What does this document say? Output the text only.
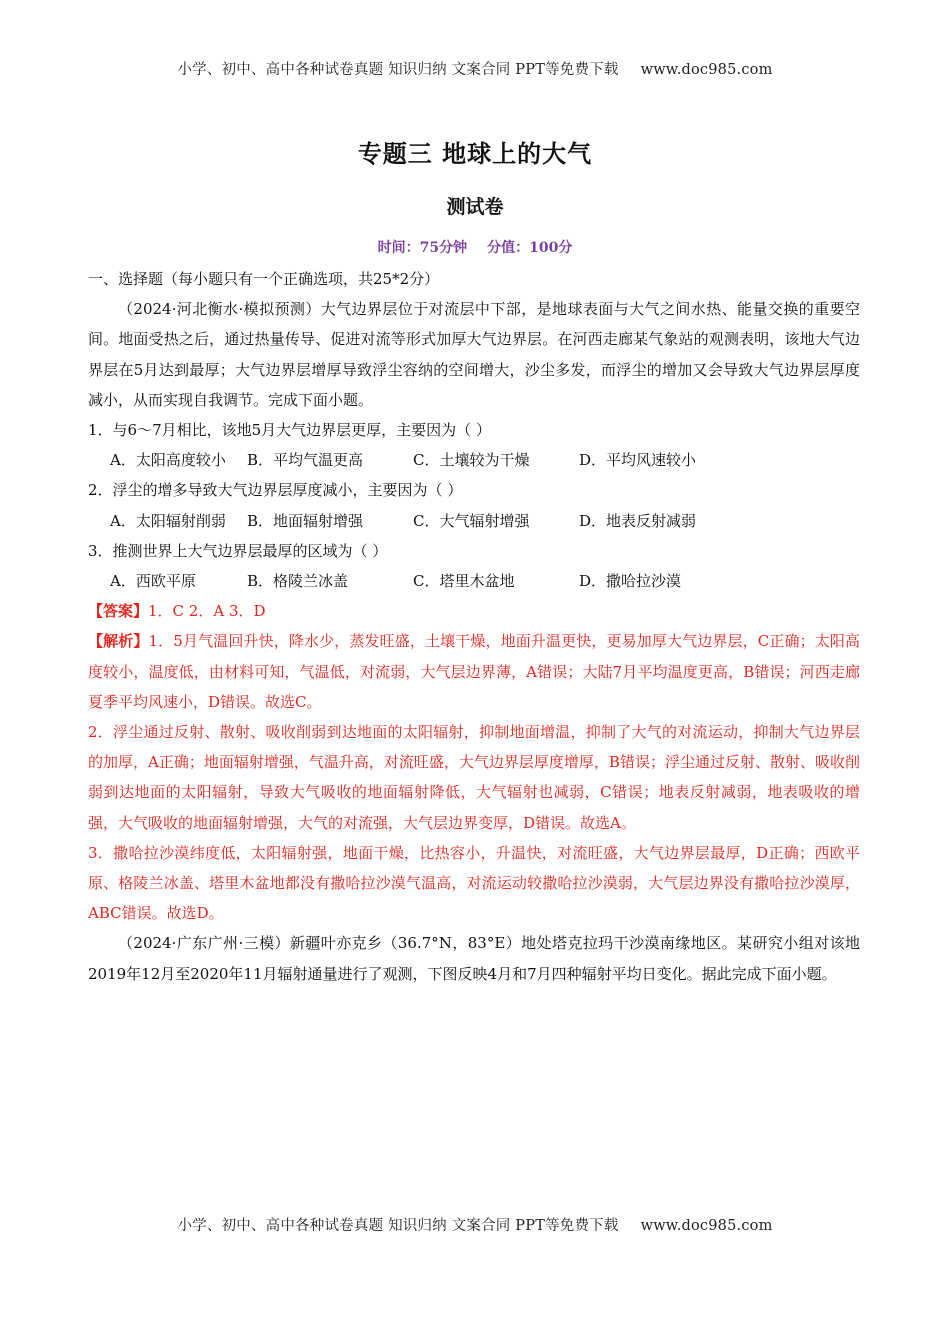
小学、初中、高中各种试卷真题 知识归纳 文案合同 PPT等免费下载 www.doc985.com
专题三 地球上的大气
测试卷
时间：75分钟 分值：100分
一、选择题（每小题只有一个正确选项，共25*2分）
（2024·河北衡水·模拟预测）大气边界层位于对流层中下部，是地球表面与大气之间水热、能量交换的重要空间。地面受热之后，通过热量传导、促进对流等形式加厚大气边界层。在河西走廊某气象站的观测表明，该地大气边界层在5月达到最厚；大气边界层增厚导致浮尘容纳的空间增大，沙尘多发，而浮尘的增加又会导致大气边界层厚度减小，从而实现自我调节。完成下面小题。
1．与6～7月相比，该地5月大气边界层更厚，主要因为（ ）
A．太阳高度较小	B．平均气温更高	C．土壤较为干燥	D．平均风速较小
2．浮尘的增多导致大气边界层厚度减小，主要因为（ ）
A．太阳辐射削弱	B．地面辐射增强	C．大气辐射增强	D．地表反射减弱
3．推测世界上大气边界层最厚的区域为（ ）
A．西欧平原	B．格陵兰冰盖	C．塔里木盆地	D．撒哈拉沙漠
【答案】1．C 2．A 3．D
【解析】1．5月气温回升快，降水少，蒸发旺盛，土壤干燥，地面升温更快，更易加厚大气边界层，C正确；太阳高度较小，温度低，由材料可知，气温低，对流弱，大气层边界薄，A错误；大陆7月平均温度更高，B错误；河西走廊夏季平均风速小，D错误。故选C。
2．浮尘通过反射、散射、吸收削弱到达地面的太阳辐射，抑制地面增温，抑制了大气的对流运动，抑制大气边界层的加厚，A正确；地面辐射增强，气温升高，对流旺盛，大气边界层厚度增厚，B错误；浮尘通过反射、散射、吸收削弱到达地面的太阳辐射，导致大气吸收的地面辐射降低，大气辐射也减弱，C错误；地表反射减弱，地表吸收的增强，大气吸收的地面辐射增强，大气的对流强，大气层边界变厚，D错误。故选A。
3．撒哈拉沙漠纬度低，太阳辐射强，地面干燥，比热容小，升温快，对流旺盛，大气边界层最厚，D正确；西欧平原、格陵兰冰盖、塔里木盆地都没有撒哈拉沙漠气温高，对流运动较撒哈拉沙漠弱，大气层边界没有撒哈拉沙漠厚，ABC错误。故选D。
（2024·广东广州·三模）新疆叶亦克乡（36.7°N，83°E）地处塔克拉玛干沙漠南缘地区。某研究小组对该地2019年12月至2020年11月辐射通量进行了观测，下图反映4月和7月四种辐射平均日变化。据此完成下面小题。
小学、初中、高中各种试卷真题 知识归纳 文案合同 PPT等免费下载 www.doc985.com
